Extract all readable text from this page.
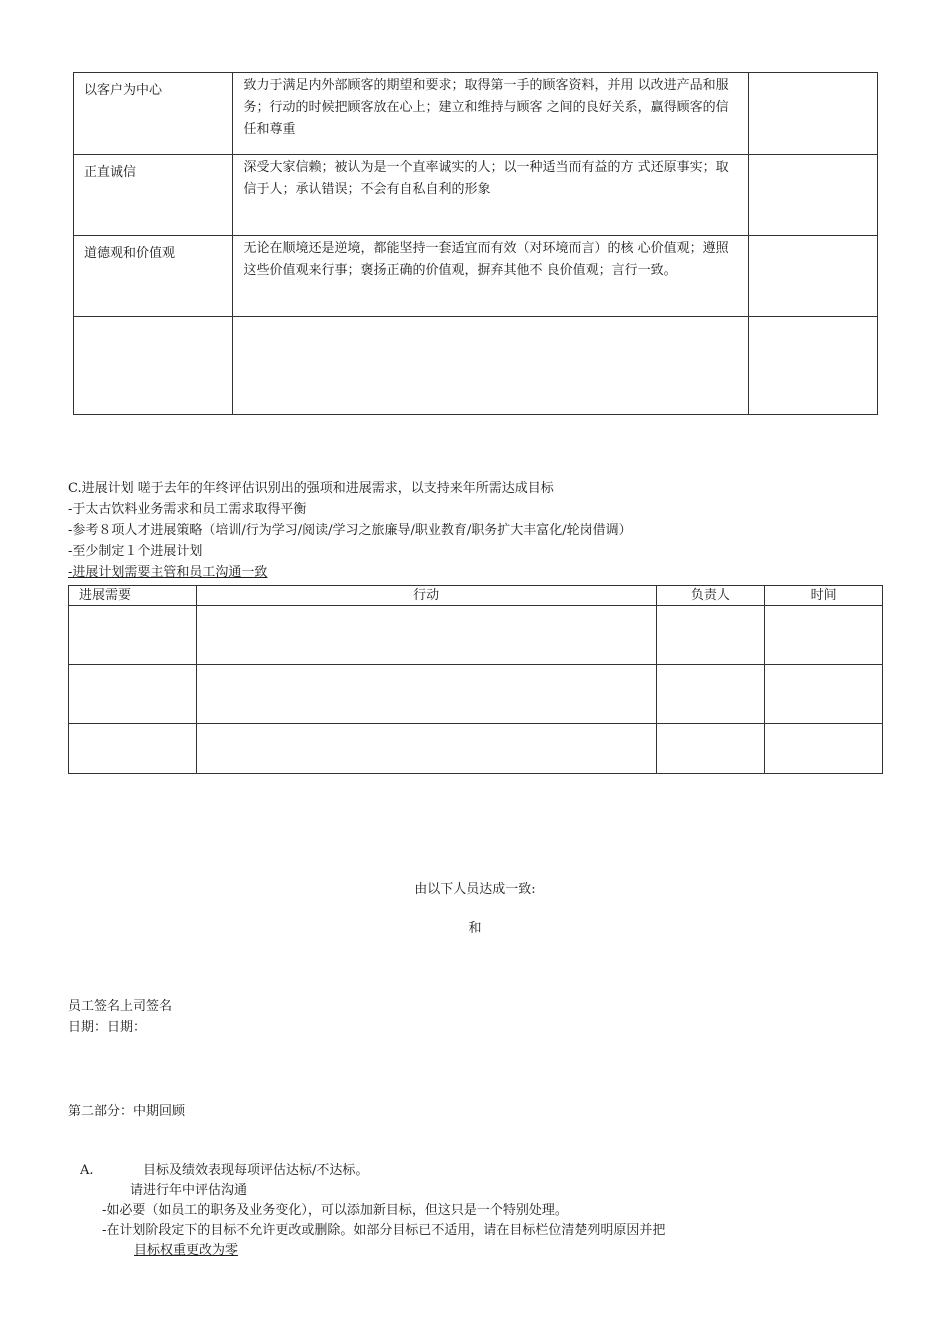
以客户为中心	致力于满足内外部顾客的期望和要求；取得第一手的顾客资料，并用 以改进产品和服务；行动的时候把顾客放在心上；建立和维持与顾客 之间的良好关系，赢得顾客的信任和尊重	
正直诚信	深受大家信赖；被认为是一个直率诚实的人；以一种适当而有益的方 式还原事实；取信于人；承认错误；不会有自私自利的形象	
道德观和价值观	无论在顺境还是逆境，都能坚持一套适宜而有效（对环境而言）的核 心价值观；遵照这些价值观来行事；褒扬正确的价值观，摒弃其他不 良价值观；言行一致。	

C.进展计划 嗟于去年的年终评估识别出的强项和进展需求，以支持来年所需达成目标
-于太古饮料业务需求和员工需求取得平衡
-参考８项人才进展策略（培训/行为学习/阅读/学习之旅廉导/职业教育/职务扩大丰富化/轮岗借调）
-至少制定１个进展计划
-进展计划需要主管和员工沟通一致
进展需要	行动	负责人	时间

由以下人员达成一致:
和
员工签名上司签名
日期：日期：
第二部分：中期回顾
A.	目标及绩效表现每项评估达标/不达标。
请进行年中评估沟通
-如必要（如员工的职务及业务变化），可以添加新目标，但这只是一个特别处理。
-在计划阶段定下的目标不允许更改或删除。如部分目标已不适用，请在目标栏位清楚列明原因并把
目标权重更改为零
